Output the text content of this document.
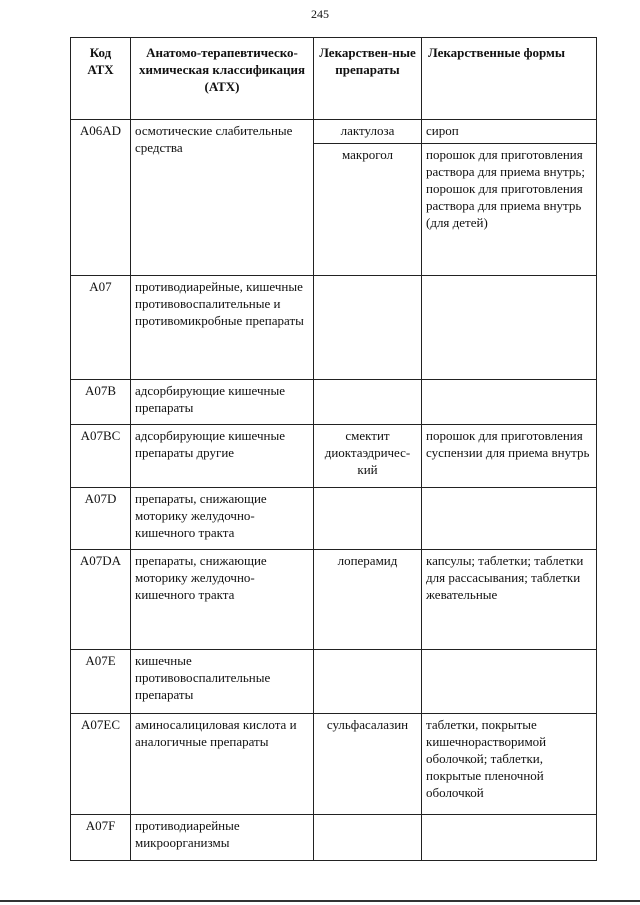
245
Код АТХ	Анатомо-терапевтическо-химическая классификация (АТХ)	Лекарствен-ные препараты	Лекарственные формы
A06AD	осмотические слабительные средства	лактулоза	сироп
		макрогол	порошок для приготовления раствора для приема внутрь; порошок для приготовления раствора для приема внутрь (для детей)
A07	противодиарейные, кишечные противовоспалительные и противомикробные препараты		
A07B	адсорбирующие кишечные препараты		
A07BC	адсорбирующие кишечные препараты другие	смектит диоктаэдричес-кий	порошок для приготовления суспензии для приема внутрь
A07D	препараты, снижающие моторику желудочно-кишечного тракта		
A07DA	препараты, снижающие моторику желудочно-кишечного тракта	лоперамид	капсулы; таблетки; таблетки для рассасывания; таблетки жевательные
A07E	кишечные противовоспалительные препараты		
A07EC	аминосалициловая кислота и аналогичные препараты	сульфасалазин	таблетки, покрытые кишечнорастворимой оболочкой; таблетки, покрытые пленочной оболочкой
A07F	противодиарейные микроорганизмы		
